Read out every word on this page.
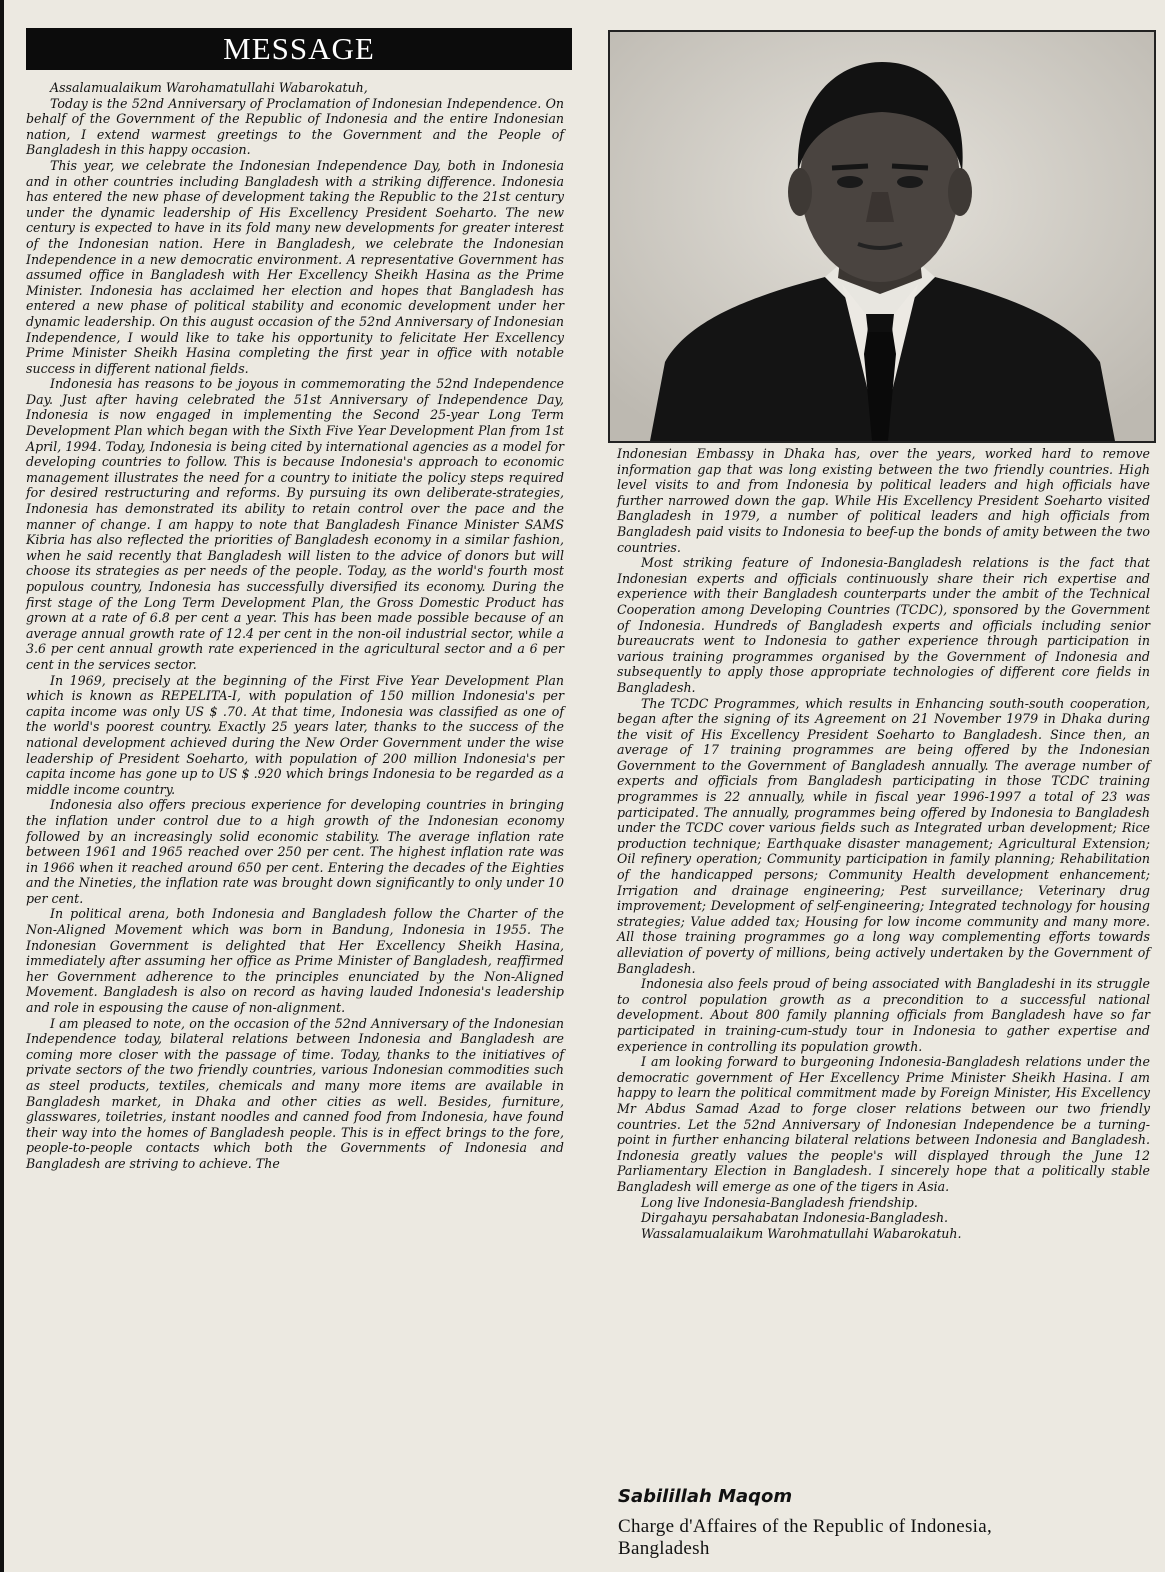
MESSAGE

Assalamualaikum Warohamatullahi Wabarokatuh,

Today is the 52nd Anniversary of Proclamation of Indonesian Independence. On behalf of the Government of the Republic of Indonesia and the entire Indonesian nation, I extend warmest greetings to the Government and the People of Bangladesh in this happy occasion.

This year, we celebrate the Indonesian Independence Day, both in Indonesia and in other countries including Bangladesh with a striking difference. Indonesia has entered the new phase of development taking the Republic to the 21st century under the dynamic leadership of His Excellency President Soeharto. The new century is expected to have in its fold many new developments for greater interest of the Indonesian nation. Here in Bangladesh, we celebrate the Indonesian Independence in a new democratic environment. A representative Government has assumed office in Bangladesh with Her Excellency Sheikh Hasina as the Prime Minister. Indonesia has acclaimed her election and hopes that Bangladesh has entered a new phase of political stability and economic development under her dynamic leadership. On this august occasion of the 52nd Anniversary of Indonesian Independence, I would like to take his opportunity to felicitate Her Excellency Prime Minister Sheikh Hasina completing the first year in office with notable success in different national fields.

Indonesia has reasons to be joyous in commemorating the 52nd Independence Day. Just after having celebrated the 51st Anniversary of Independence Day, Indonesia is now engaged in implementing the Second 25-year Long Term Development Plan which began with the Sixth Five Year Development Plan from 1st April, 1994. Today, Indonesia is being cited by international agencies as a model for developing countries to follow. This is because Indonesia's approach to economic management illustrates the need for a country to initiate the policy steps required for desired restructuring and reforms. By pursuing its own deliberate-strategies, Indonesia has demonstrated its ability to retain control over the pace and the manner of change. I am happy to note that Bangladesh Finance Minister SAMS Kibria has also reflected the priorities of Bangladesh economy in a similar fashion, when he said recently that Bangladesh will listen to the advice of donors but will choose its strategies as per needs of the people. Today, as the world's fourth most populous country, Indonesia has successfully diversified its economy. During the first stage of the Long Term Development Plan, the Gross Domestic Product has grown at a rate of 6.8 per cent a year. This has been made possible because of an average annual growth rate of 12.4 per cent in the non-oil industrial sector, while a 3.6 per cent annual growth rate experienced in the agricultural sector and a 6 per cent in the services sector.

In 1969, precisely at the beginning of the First Five Year Development Plan which is known as REPELITA-I, with population of 150 million Indonesia's per capita income was only US $ .70. At that time, Indonesia was classified as one of the world's poorest country. Exactly 25 years later, thanks to the success of the national development achieved during the New Order Government under the wise leadership of President Soeharto, with population of 200 million Indonesia's per capita income has gone up to US $ .920 which brings Indonesia to be regarded as a middle income country.

Indonesia also offers precious experience for developing countries in bringing the inflation under control due to a high growth of the Indonesian economy followed by an increasingly solid economic stability. The average inflation rate between 1961 and 1965 reached over 250 per cent. The highest inflation rate was in 1966 when it reached around 650 per cent. Entering the decades of the Eighties and the Nineties, the inflation rate was brought down significantly to only under 10 per cent.

In political arena, both Indonesia and Bangladesh follow the Charter of the Non-Aligned Movement which was born in Bandung, Indonesia in 1955. The Indonesian Government is delighted that Her Excellency Sheikh Hasina, immediately after assuming her office as Prime Minister of Bangladesh, reaffirmed her Government adherence to the principles enunciated by the Non-Aligned Movement. Bangladesh is also on record as having lauded Indonesia's leadership and role in espousing the cause of non-alignment.

I am pleased to note, on the occasion of the 52nd Anniversary of the Indonesian Independence today, bilateral relations between Indonesia and Bangladesh are coming more closer with the passage of time. Today, thanks to the initiatives of private sectors of the two friendly countries, various Indonesian commodities such as steel products, textiles, chemicals and many more items are available in Bangladesh market, in Dhaka and other cities as well. Besides, furniture, glasswares, toiletries, instant noodles and canned food from Indonesia, have found their way into the homes of Bangladesh people. This is in effect brings to the fore, people-to-people contacts which both the Governments of Indonesia and Bangladesh are striving to achieve. The

Indonesian Embassy in Dhaka has, over the years, worked hard to remove information gap that was long existing between the two friendly countries. High level visits to and from Indonesia by political leaders and high officials have further narrowed down the gap. While His Excellency President Soeharto visited Bangladesh in 1979, a number of political leaders and high officials from Bangladesh paid visits to Indonesia to beef-up the bonds of amity between the two countries.

Most striking feature of Indonesia-Bangladesh relations is the fact that Indonesian experts and officials continuously share their rich expertise and experience with their Bangladesh counterparts under the ambit of the Technical Cooperation among Developing Countries (TCDC), sponsored by the Government of Indonesia. Hundreds of Bangladesh experts and officials including senior bureaucrats went to Indonesia to gather experience through participation in various training programmes organised by the Government of Indonesia and subsequently to apply those appropriate technologies of different core fields in Bangladesh.

The TCDC Programmes, which results in Enhancing south-south cooperation, began after the signing of its Agreement on 21 November 1979 in Dhaka during the visit of His Excellency President Soeharto to Bangladesh. Since then, an average of 17 training programmes are being offered by the Indonesian Government to the Government of Bangladesh annually. The average number of experts and officials from Bangladesh participating in those TCDC training programmes is 22 annually, while in fiscal year 1996-1997 a total of 23 was participated. The annually, programmes being offered by Indonesia to Bangladesh under the TCDC cover various fields such as Integrated urban development; Rice production technique; Earthquake disaster management; Agricultural Extension; Oil refinery operation; Community participation in family planning; Rehabilitation of the handicapped persons; Community Health development enhancement; Irrigation and drainage engineering; Pest surveillance; Veterinary drug improvement; Development of self-engineering; Integrated technology for housing strategies; Value added tax; Housing for low income community and many more. All those training programmes go a long way complementing efforts towards alleviation of poverty of millions, being actively undertaken by the Government of Bangladesh.

Indonesia also feels proud of being associated with Bangladeshi in its struggle to control population growth as a precondition to a successful national development. About 800 family planning officials from Bangladesh have so far participated in training-cum-study tour in Indonesia to gather expertise and experience in controlling its population growth.

I am looking forward to burgeoning Indonesia-Bangladesh relations under the democratic government of Her Excellency Prime Minister Sheikh Hasina. I am happy to learn the political commitment made by Foreign Minister, His Excellency Mr Abdus Samad Azad to forge closer relations between our two friendly countries. Let the 52nd Anniversary of Indonesian Independence be a turning-point in further enhancing bilateral relations between Indonesia and Bangladesh. Indonesia greatly values the people's will displayed through the June 12 Parliamentary Election in Bangladesh. I sincerely hope that a politically stable Bangladesh will emerge as one of the tigers in Asia.

Long live Indonesia-Bangladesh friendship.

Dirgahayu persahabatan Indonesia-Bangladesh.

Wassalamualaikum Warohmatullahi Wabarokatuh.

Sabilillah Maqom
Charge d'Affaires of the Republic of Indonesia,
Bangladesh
